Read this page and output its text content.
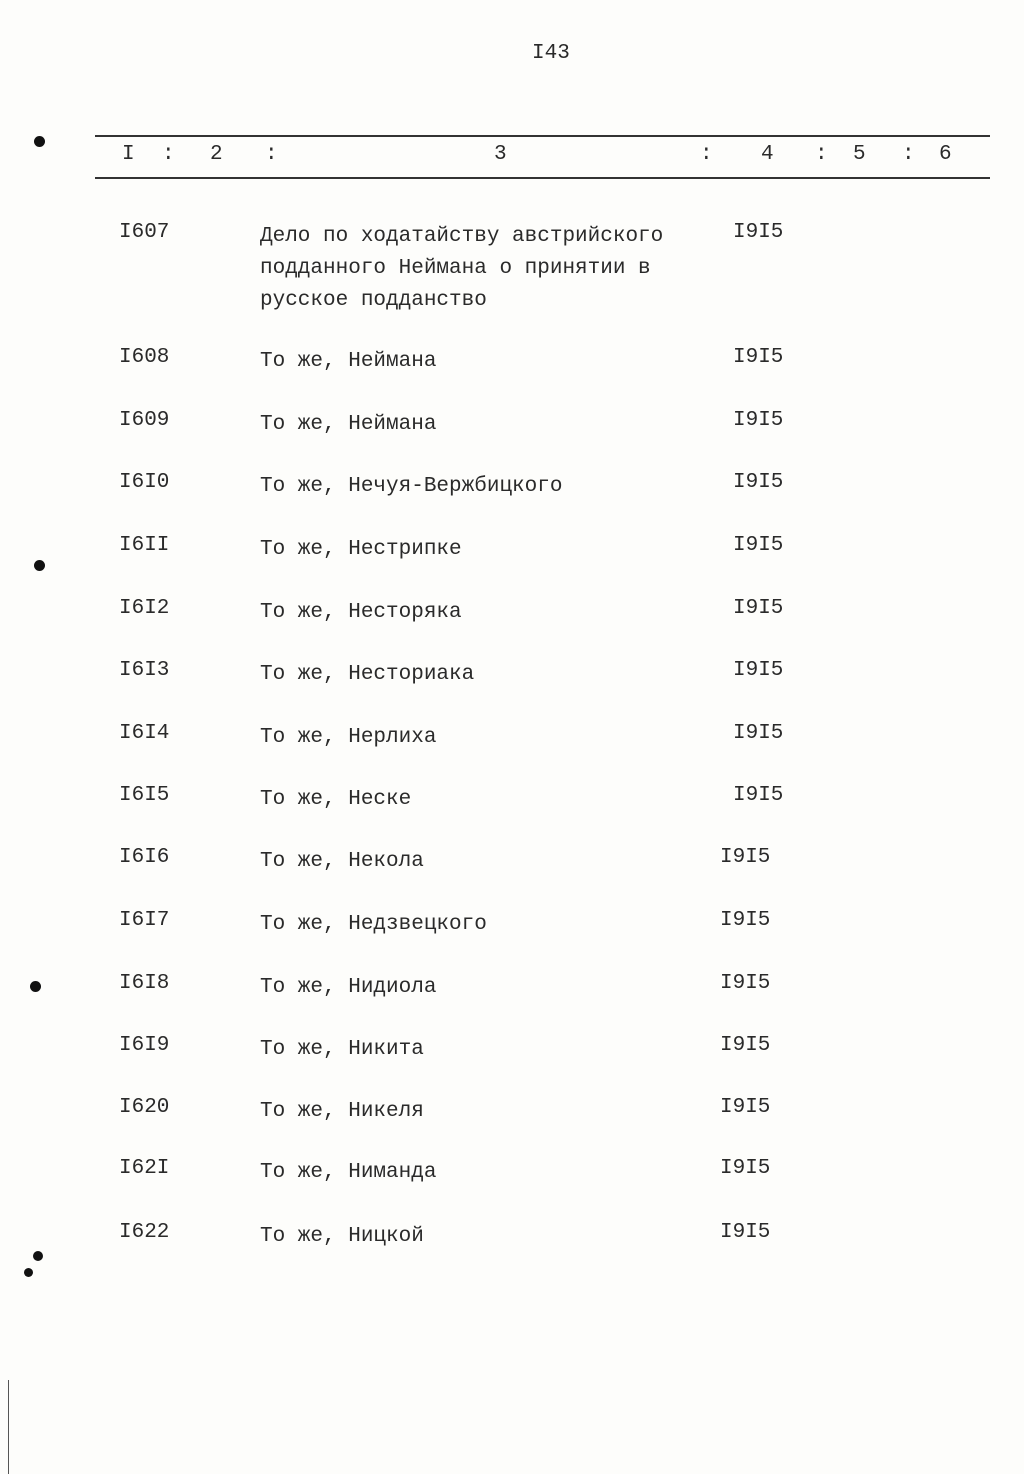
I43
I : 2 :	3	: 4 : 5 : 6
I607	Дело по ходатайству австрийского
подданного Неймана о принятии в
русское подданство
I9I5
I608	То же, Неймана	I9I5
I609	То же, Неймана	I9I5
I6I0	То же, Нечуя-Вержбицкого	I9I5
I6II	То же, Нестрипке	I9I5
I6I2	То же, Несторяка	I9I5
I6I3	То же, Несториака	I9I5
I6I4	То же, Нерлиха	I9I5
I6I5	То же, Неске	I9I5
I6I6	То же, Некола	I9I5
I6I7	То же, Недзвецкого	I9I5
I6I8	То же, Нидиола	I9I5
I6I9	То же, Никита	I9I5
I620	То же, Никеля	I9I5
I62I	То же, Ниманда	I9I5
I622	То же, Ницкой	I9I5
